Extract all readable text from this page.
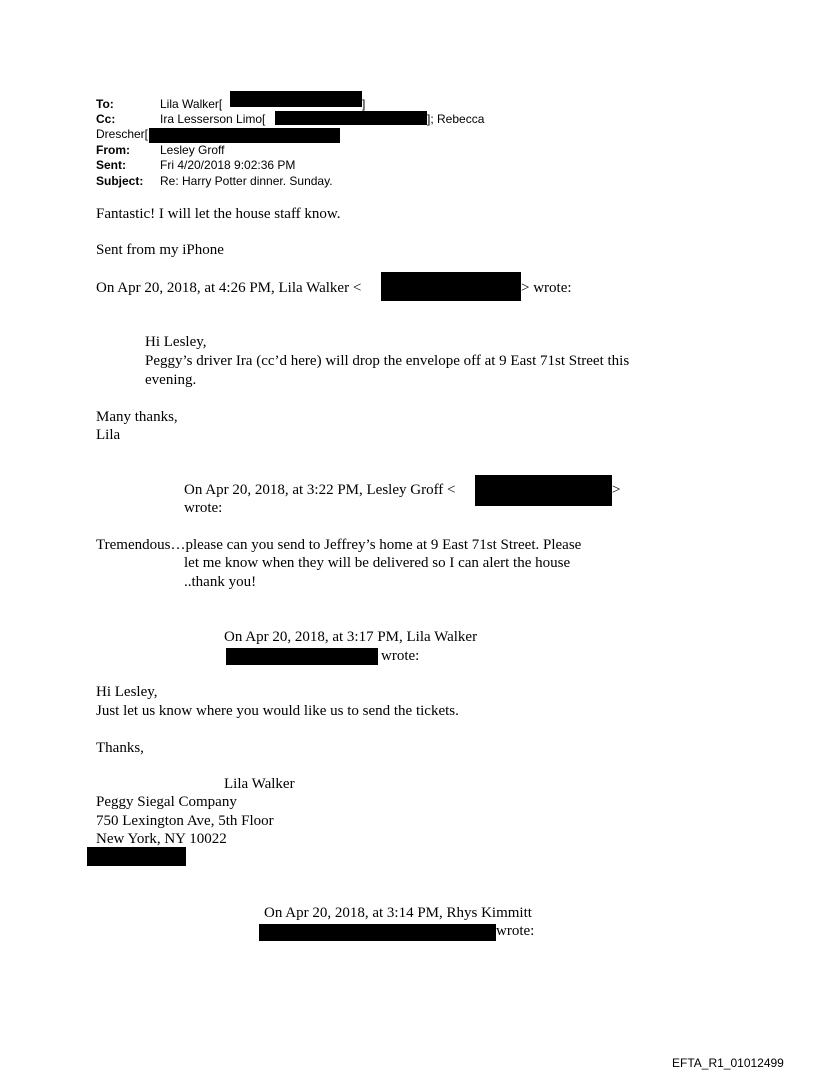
To:	Lila Walker[	]
Cc:	Ira Lesserson Limo[	]; Rebecca
Drescher[
From:	Lesley Groff
Sent:	Fri 4/20/2018 9:02:36 PM
Subject: Re: Harry Potter dinner. Sunday.
Fantastic! I will let the house staff know.
Sent from my iPhone
On Apr 20, 2018, at 4:26 PM, Lila Walker <	> wrote:
Hi Lesley,
Peggy’s driver Ira (cc’d here) will drop the envelope off at 9 East 71st Street this
evening.
Many thanks,
Lila
On Apr 20, 2018, at 3:22 PM, Lesley Groff <	>
wrote:
Tremendous…please can you send to Jeffrey’s home at 9 East 71st Street. Please
let me know when they will be delivered so I can alert the house
..thank you!
On Apr 20, 2018, at 3:17 PM, Lila Walker
wrote:
Hi Lesley,
Just let us know where you would like us to send the tickets.
Thanks,
Lila Walker
Peggy Siegal Company
750 Lexington Ave, 5th Floor
New York, NY 10022
On Apr 20, 2018, at 3:14 PM, Rhys Kimmitt
wrote:
EFTA_R1_01012499
